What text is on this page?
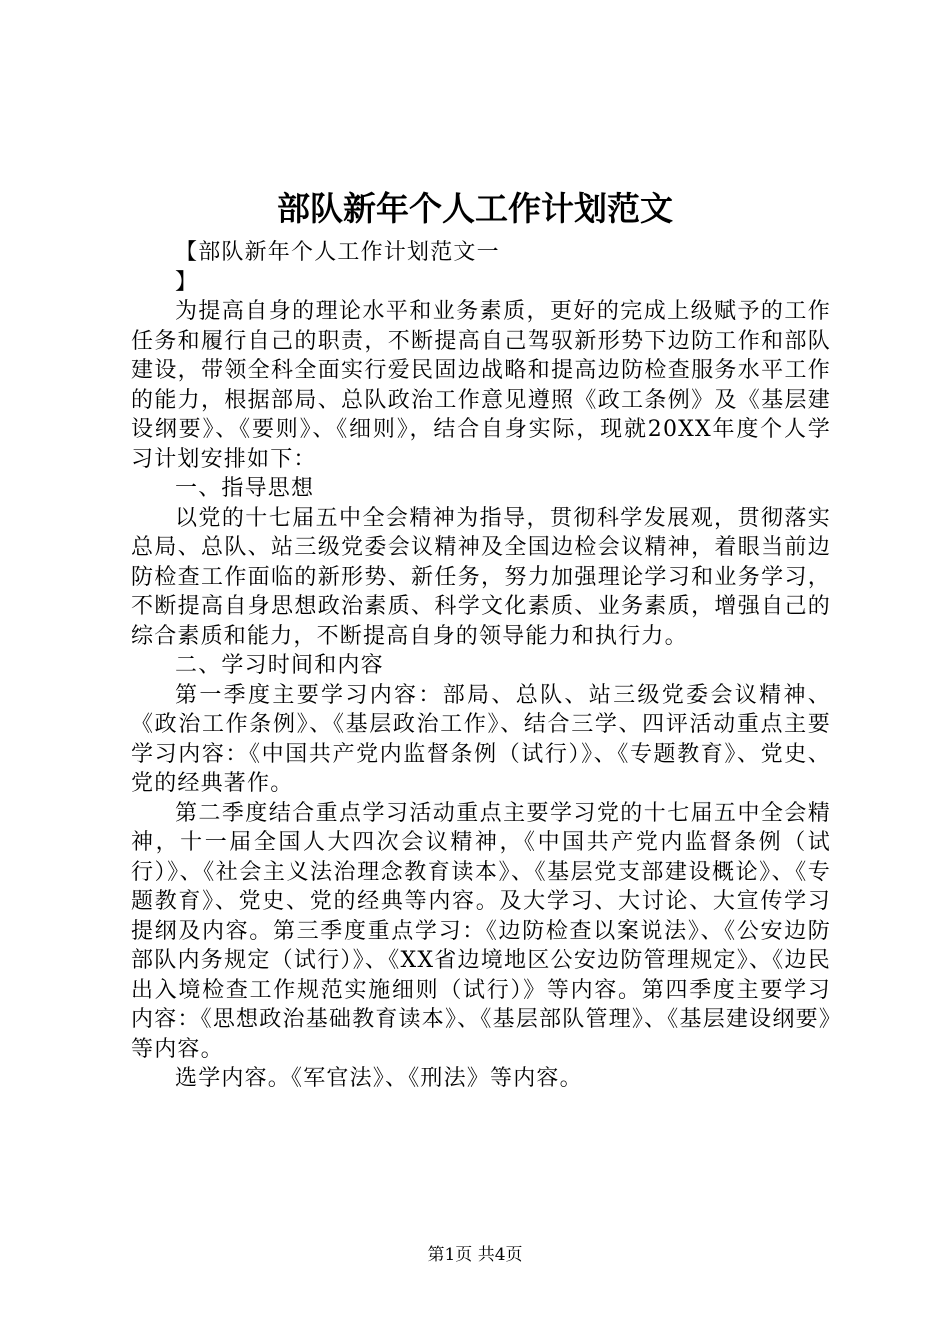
部队新年个人工作计划范文

【部队新年个人工作计划范文一

】

为提高自身的理论水平和业务素质，更好的完成上级赋予的工作任务和履行自己的职责，不断提高自己驾驭新形势下边防工作和部队建设，带领全科全面实行爱民固边战略和提高边防检查服务水平工作的能力，根据部局、总队政治工作意见遵照《政工条例》及《基层建设纲要》、《要则》、《细则》，结合自身实际，现就20XX年度个人学习计划安排如下：

一、指导思想

以党的十七届五中全会精神为指导，贯彻科学发展观，贯彻落实总局、总队、站三级党委会议精神及全国边检会议精神，着眼当前边防检查工作面临的新形势、新任务，努力加强理论学习和业务学习，不断提高自身思想政治素质、科学文化素质、业务素质，增强自己的综合素质和能力，不断提高自身的领导能力和执行力。

二、学习时间和内容

第一季度主要学习内容：部局、总队、站三级党委会议精神、《政治工作条例》、《基层政治工作》、结合三学、四评活动重点主要学习内容：《中国共产党内监督条例（试行）》、《专题教育》、党史、党的经典著作。

第二季度结合重点学习活动重点主要学习党的十七届五中全会精神，十一届全国人大四次会议精神，《中国共产党内监督条例（试行）》、《社会主义法治理念教育读本》、《基层党支部建设概论》、《专题教育》、党史、党的经典等内容。及大学习、大讨论、大宣传学习提纲及内容。第三季度重点学习：《边防检查以案说法》、《公安边防部队内务规定（试行）》、《XX省边境地区公安边防管理规定》、《边民出入境检查工作规范实施细则（试行）》等内容。第四季度主要学习内容：《思想政治基础教育读本》、《基层部队管理》、《基层建设纲要》等内容。

选学内容。《军官法》、《刑法》等内容。

第1页 共4页
